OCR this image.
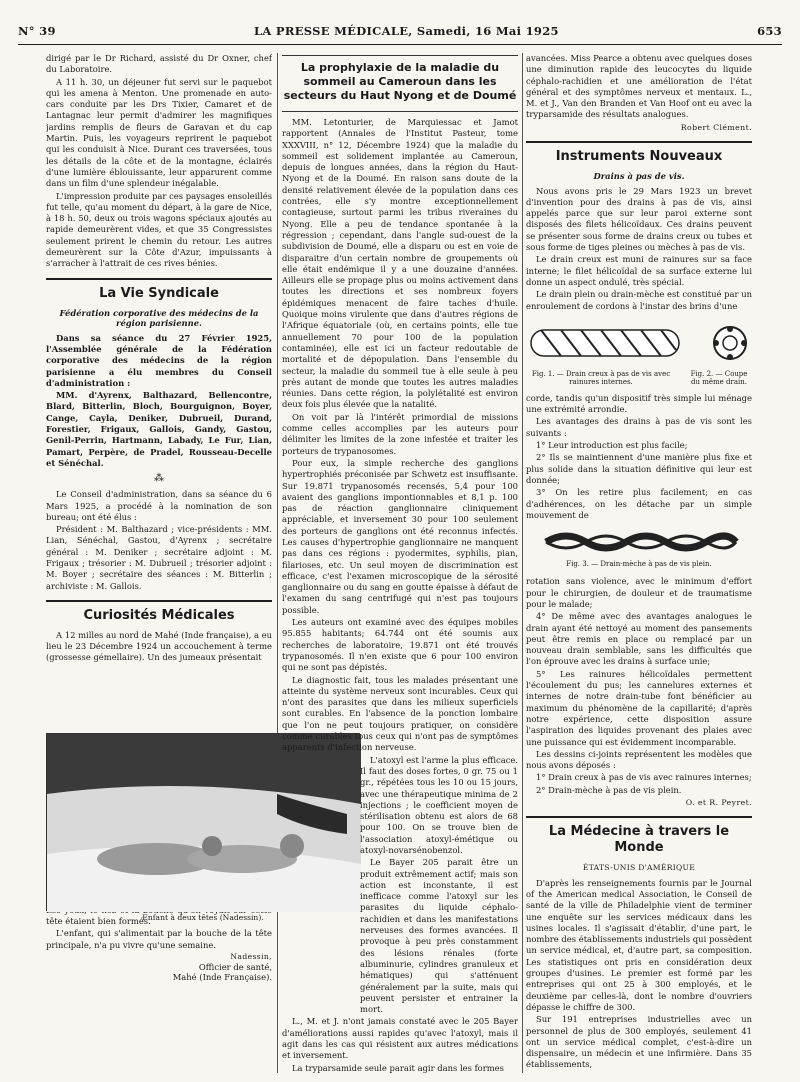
N° 39	LA PRESSE MÉDICALE, Samedi, 16 Mai 1925	653

dirigé par le Dr Richard, assisté du Dr Oxner, chef du Laboratoire.

A 11 h. 30, un déjeuner fut servi sur le paquebot qui les amena à Menton. Une promenade en auto-cars conduite par les Drs Tixier, Camaret et de Lantagnac leur permit d'admirer les magnifiques jardins remplis de fleurs de Garavan et du cap Martin. Puis, les voyageurs reprirent le paquebot qui les conduisit à Nice. Durant ces traversées, tous les détails de la côte et de la montagne, éclairés d'une lumière éblouissante, leur apparurent comme dans un film d'une splendeur inégalable.

L'impression produite par ces paysages ensoleillés fut telle, qu'au moment du départ, à la gare de Nice, à 18 h. 50, deux ou trois wagons spéciaux ajoutés au rapide demeurèrent vides, et que 35 Congressistes seulement prirent le chemin du retour. Les autres demeurèrent sur la Côte d'Azur, impuissants à s'arracher à l'attrait de ces rives bénies.

La Vie Syndicale
Fédération corporative des médecins de la région parisienne.

Dans sa séance du 27 Février 1925, l'Assemblée générale de la Fédération corporative des médecins de la région parisienne a élu membres du Conseil d'administration :

MM. d'Ayrenx, Balthazard, Bellencontre, Blard, Bitterlin, Bloch, Bourguignon, Boyer, Cange, Cayla, Deniker, Dubrueil, Durand, Forestier, Frigaux, Gallois, Gandy, Gastou, Genil-Perrin, Hartmann, Labady, Le Fur, Lian, Pamart, Perpère, de Pradel, Rousseau-Decelle et Sénéchal.

⁂

Le Conseil d'administration, dans sa séance du 6 Mars 1925, a procédé à la nomination de son bureau; ont été élus :

Président : M. Balthazard ; vice-présidents : MM. Lian, Sénéchal, Gastou, d'Ayrenx ; secrétaire général : M. Deniker ; secrétaire adjoint : M. Frigaux ; trésorier : M. Dubrueil ; trésorier adjoint : M. Boyer ; secrétaire des séances : M. Bitterlin ; archiviste : M. Gallois.

Curiosités Médicales

A 12 milles au nord de Mahé (Inde française), a eu lieu le 23 Décembre 1924 un accouchement à terme (grossesse gémellaire). Un des jumeaux présentait

tête étaient bien formés.

L'enfant, qui s'alimentait par la bouche de la tête principale, n'a pu vivre qu'une semaine.

Nadessin,
Officier de santé,
Mahé (Inde Française).
Enfant à deux têtes (Nadessin).
La prophylaxie de la maladie du sommeil au Cameroun dans les secteurs du Haut Nyong et de Doumé

MM. Letonturier, de Marquiessac et Jamot rapportent (Annales de l'Institut Pasteur, tome XXXVIII, n° 12, Décembre 1924) que la maladie du sommeil est solidement implantée au Cameroun, depuis de longues années, dans la région du Haut-Nyong et de la Doumé. En raison sans doute de la densité relativement élevée de la population dans ces contrées, elle s'y montre exceptionnellement contagieuse, surtout parmi les tribus riveraines du Nyong. Elle a peu de tendance spontanée à la régression ; cependant, dans l'angle sud-ouest de la subdivision de Doumé, elle a disparu ou est en voie de disparaitre d'un certain nombre de groupements où elle était endémique il y a une douzaine d'années. Ailleurs elle se propage plus ou moins activement dans toutes les directions et ses nombreux foyers épidémiques menacent de faire taches d'huile. Quoique moins virulente que dans d'autres régions de l'Afrique équatoriale (où, en certains points, elle tue annuellement 70 pour 100 de la population contaminée), elle est ici un facteur redoutable de mortalité et de dépopulation. Dans l'ensemble du secteur, la maladie du sommeil tue à elle seule à peu près autant de monde que toutes les autres maladies réunies. Dans cette région, la polylétalité est environ deux fois plus élevée que la natalité.

On voit par là l'intérêt primordial de missions comme celles accomplies par les auteurs pour délimiter les limites de la zone infestée et traiter les porteurs de trypanosomes.

Pour eux, la simple recherche des ganglions hypertrophiés préconisée par Schwetz est insuffisante. Sur 19.871 trypanosomés recensés, 5,4 pour 100 avaient des ganglions impontionnables et 8,1 p. 100 pas de réaction ganglionnaire cliniquement appréciable, et inversement 30 pour 100 seulement des porteurs de ganglions ont été reconnus infectés. Les causes d'hypertrophie ganglionnaire ne manquent pas dans ces régions : pyodermites, syphilis, pian, filarioses, etc. Un seul moyen de discrimination est efficace, c'est l'examen microscopique de la sérosité ganglionnaire ou du sang en goutte épaisse à défaut de l'examen du sang centrifugé qui n'est pas toujours possible.

Les auteurs ont examiné avec des équipes mobiles 95.855 habitants; 64.744 ont été soumis aux recherches de laboratoire, 19.871 ont été trouvés trypanosomés. Il n'en existe que 6 pour 100 environ qui ne sont pas dépistés.

Le diagnostic fait, tous les malades présentant une atteinte du système nerveux sont incurables. Ceux qui n'ont des parasites que dans les milieux superficiels sont curables. En l'absence de la ponction lombaire que l'on ne peut toujours pratiquer, on considère comme curables tous ceux qui n'ont pas de symptômes apparents d'infection nerveuse.

L'atoxyl est l'arme la plus efficace. Il faut des doses fortes, 0 gr. 75 ou 1 gr., répétées tous les 10 ou 15 jours, avec une thérapeutique minima de 2 injections ; le coefficient moyen de stérilisation obtenu est alors de 68 pour 100. On se trouve bien de l'association atoxyl-émétique ou atoxyl-novarsénobenzol.

Le Bayer 205 parait être un produit extrêmement actif; mais son action est inconstante, il est inefficace comme l'atoxyl sur les parasites du liquide céphalo-rachidien et dans les manifestations nerveuses des formes avancées. Il provoque à peu près constamment des lésions rénales (forte albuminurie, cylindres granuleux et hématiques) qui s'atténuent généralement par la suite, mais qui peuvent persister et entrainer la mort.

L., M. et J. n'ont jamais constaté avec le 205 Bayer d'améliorations aussi rapides qu'avec l'atoxyl, mais il agit dans les cas qui résistent aux autres médications et inversement.

La tryparsamide seule parait agir dans les formes

avancées. Miss Pearce a obtenu avec quelques doses une diminution rapide des leucocytes du liquide céphalo-rachidien et une amélioration de l'état général et des symptômes nerveux et mentaux. L., M. et J., Van den Branden et Van Hoof ont eu avec la tryparsamide des résultats analogues.

Robert Clément.
Instruments Nouveaux
Drains à pas de vis.

Nous avons pris le 29 Mars 1923 un brevet d'invention pour des drains à pas de vis, ainsi appelés parce que sur leur paroi externe sont disposés des filets hélicoïdaux. Ces drains peuvent se présenter sous forme de drains creux ou tubes et sous forme de tiges pleines ou mèches à pas de vis.

Le drain creux est muni de rainures sur sa face interne; le filet hélicoïdal de sa surface externe lui donne un aspect ondulé, très spécial.

Le drain plein ou drain-mèche est constitué par un enroulement de cordons à l'instar des brins d'une

Fig. 1. — Drain creux à pas de vis avec rainures internes.
Fig. 2. — Coupe du même drain.

corde, tandis qu'un dispositif très simple lui ménage une extrémité arrondie.

Les avantages des drains à pas de vis sont les suivants :

1° Leur introduction est plus facile;

2° Ils se maintiennent d'une manière plus fixe et plus solide dans la situation définitive qui leur est donnée;

3° On les retire plus facilement; en cas d'adhérences, on les détache par un simple mouvement de

Fig. 3. — Drain-mèche à pas de vis plein.

rotation sans violence, avec le minimum d'effort pour le chirurgien, de douleur et de traumatisme pour le malade;

4° De même avec des avantages analogues le drain ayant été nettoyé au moment des pansements peut être remis en place ou remplacé par un nouveau drain semblable, sans les difficultés que l'on éprouve avec les drains à surface unie;

5° Les rainures hélicoïdales permettent l'écoulement du pus; les cannelures externes et internes de notre drain-tube font bénéficier au maximum du phénomène de la capillarité; d'après notre expérience, cette disposition assure l'aspiration des liquides provenant des plaies avec une puissance qui est évidemment incomparable.

Les dessins ci-joints représentent les modèles que nous avons déposés :

1° Drain creux à pas de vis avec rainures internes;

2° Drain-mèche à pas de vis plein.

O. et R. Peyret.
La Médecine à travers le Monde
ÉTATS-UNIS D'AMÉRIQUE

D'après les renseignements fournis par le Journal of the American medical Association, le Conseil de santé de la ville de Philadelphie vient de terminer une enquête sur les services médicaux dans les usines locales. Il s'agissait d'établir, d'une part, le nombre des établissements industriels qui possèdent un service médical, et, d'autre part, sa composition. Les statistiques ont pris en considération deux groupes d'usines. Le premier est formé par les entreprises qui ont 25 à 300 employés, et le deuxième par celles-là, dont le nombre d'ouvriers dépasse le chiffre de 300.

Sur 191 entreprises industrielles avec un personnel de plus de 300 employés, seulement 41 ont un service médical complet, c'est-à-dire un dispensaire, un médecin et une infirmière. Dans 35 établissements,
